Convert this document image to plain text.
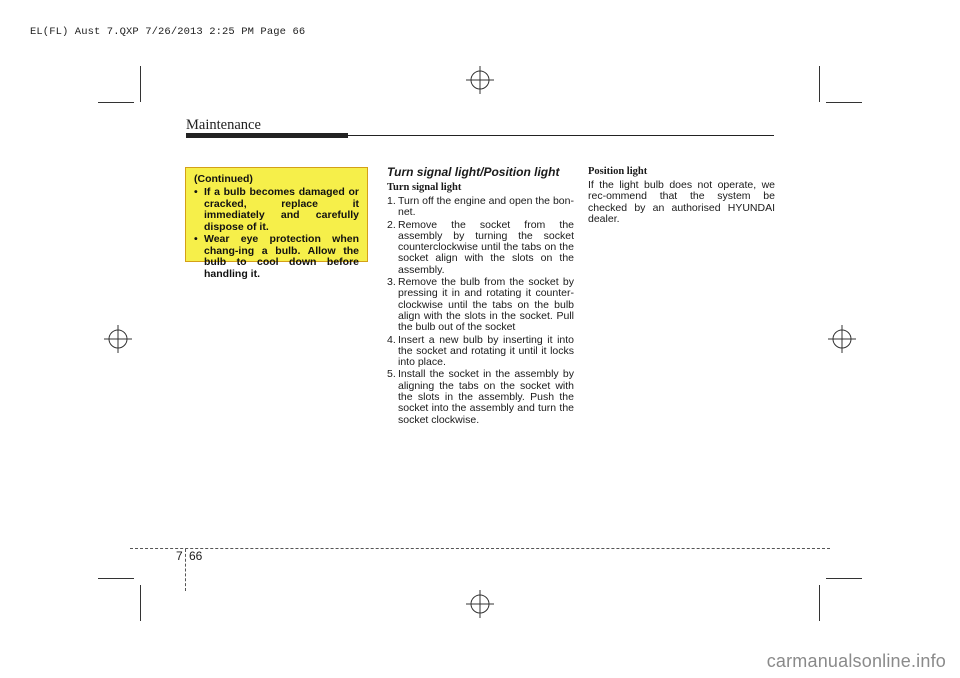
EL(FL) Aust 7.QXP 7/26/2013 2:25 PM Page 66
Maintenance
(Continued)
• If a bulb becomes damaged or cracked, replace it immediately and carefully dispose of it.
• Wear eye protection when chang-ing a bulb. Allow the bulb to cool down before handling it.
Turn signal light/Position light
Turn signal light
1. Turn off the engine and open the bon-net.
2. Remove the socket from the assembly by turning the socket counterclockwise until the tabs on the socket align with the slots on the assembly.
3. Remove the bulb from the socket by pressing it in and rotating it counter-clockwise until the tabs on the bulb align with the slots in the socket. Pull the bulb out of the socket
4. Insert a new bulb by inserting it into the socket and rotating it until it locks into place.
5. Install the socket in the assembly by aligning the tabs on the socket with the slots in the assembly. Push the socket into the assembly and turn the socket clockwise.
Position light

If the light bulb does not operate, we rec-ommend that the system be checked by an authorised HYUNDAI dealer.

7 66
carmanualsonline.info
